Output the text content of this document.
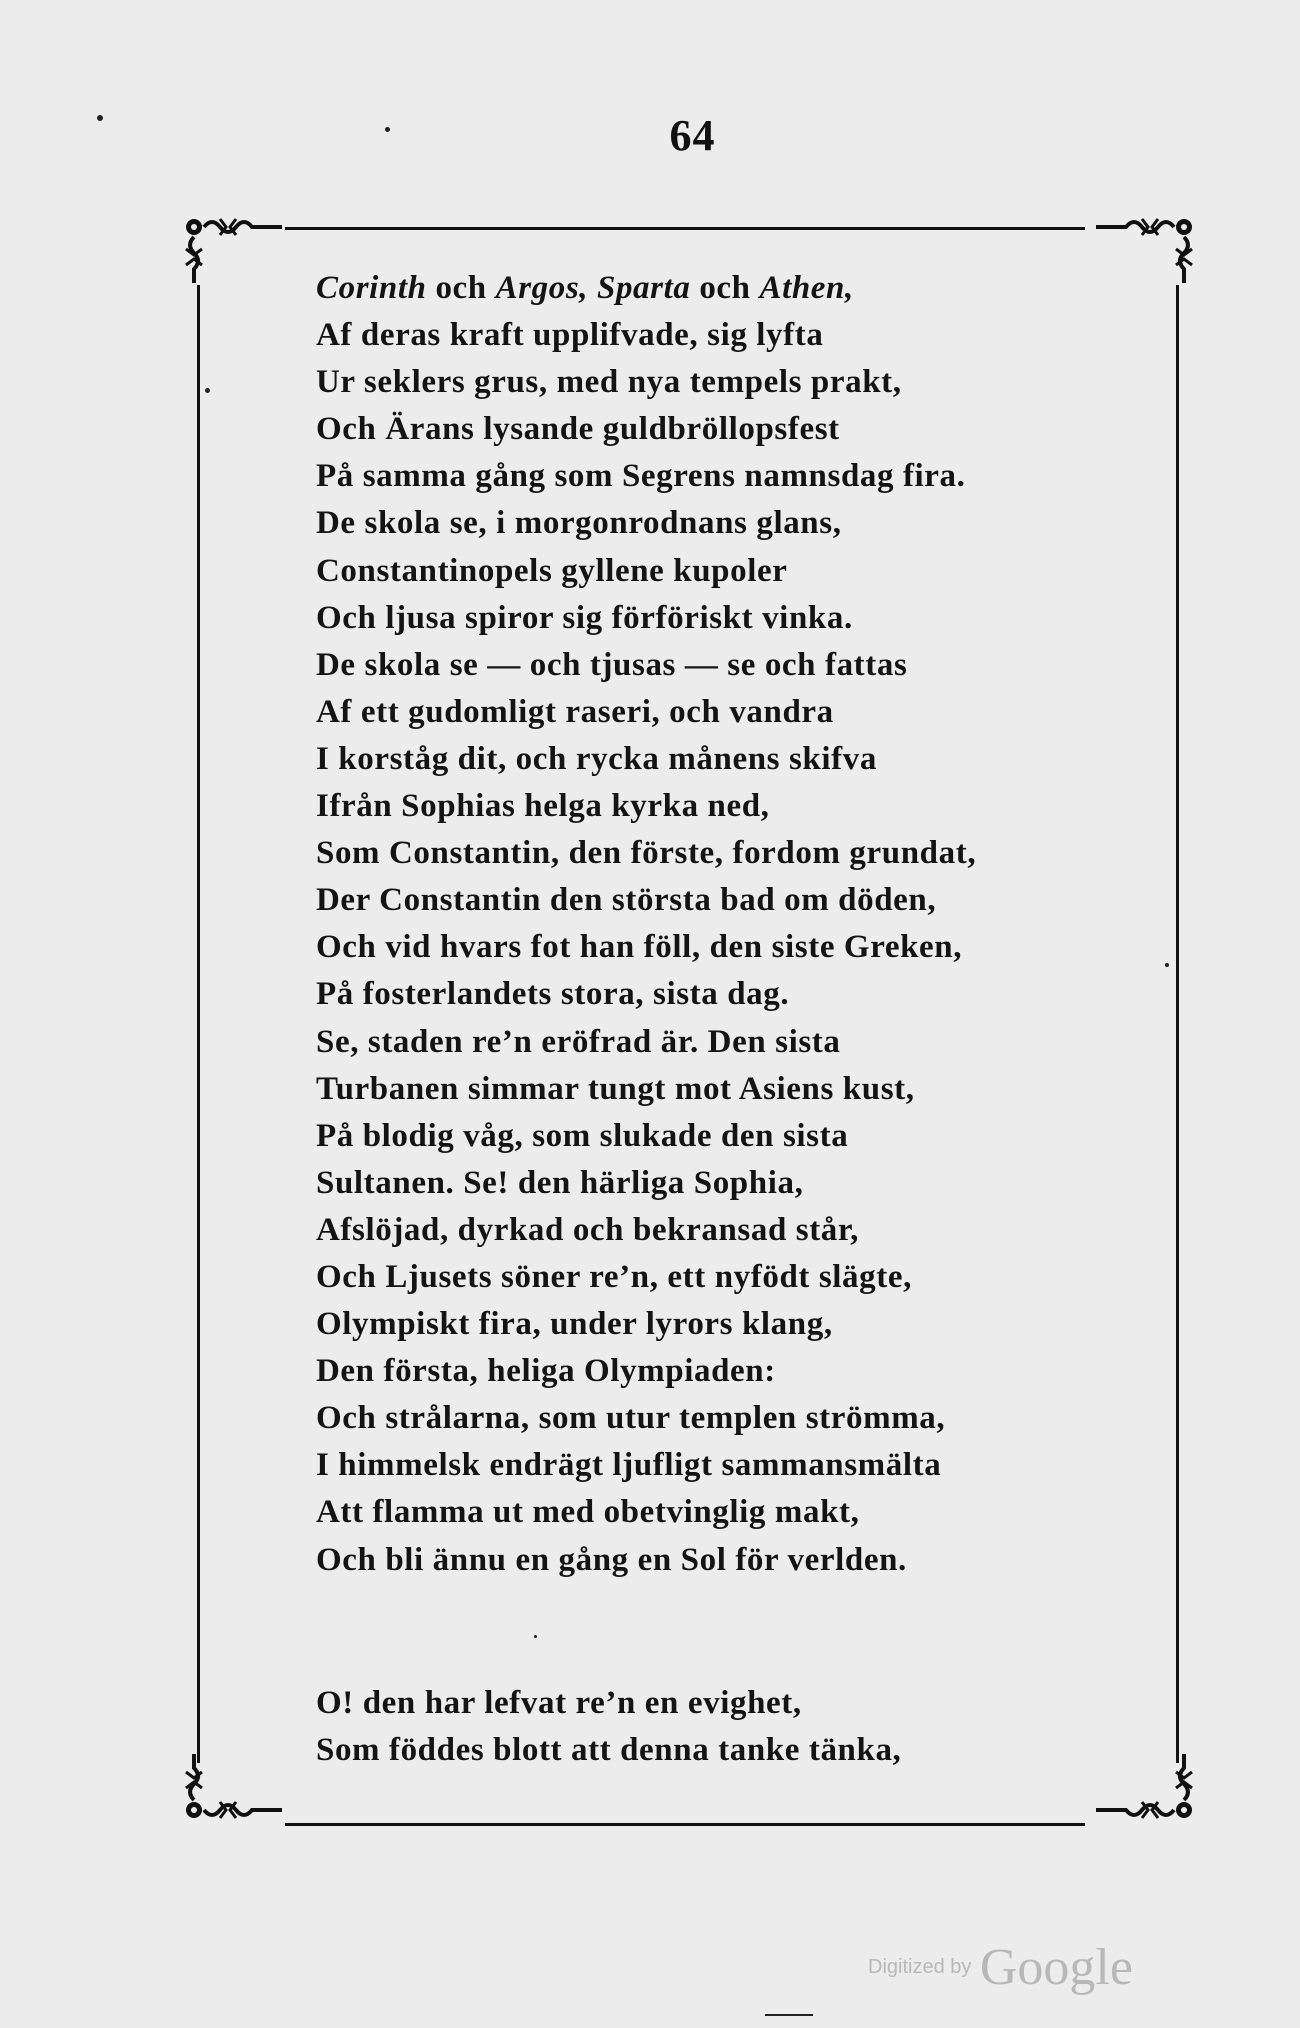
64
Corinth och Argos, Sparta och Athen,
Af deras kraft upplifvade, sig lyfta
Ur seklers grus, med nya tempels prakt,
Och Ärans lysande guldbröllopsfest
På samma gång som Segrens namnsdag fira.
De skola se, i morgonrodnans glans,
Constantinopels gyllene kupoler
Och ljusa spiror sig förföriskt vinka.
De skola se — och tjusas — se och fattas
Af ett gudomligt raseri, och vandra
I korståg dit, och rycka månens skifva
Ifrån Sophias helga kyrka ned,
Som Constantin, den förste, fordom grundat,
Der Constantin den största bad om döden,
Och vid hvars fot han föll, den siste Greken,
På fosterlandets stora, sista dag.
Se, staden re’n eröfrad är. Den sista
Turbanen simmar tungt mot Asiens kust,
På blodig våg, som slukade den sista
Sultanen. Se! den härliga Sophia,
Afslöjad, dyrkad och bekransad står,
Och Ljusets söner re’n, ett nyfödt slägte,
Olympiskt fira, under lyrors klang,
Den första, heliga Olympiaden:
Och strålarna, som utur templen strömma,
I himmelsk endrägt ljufligt sammansmälta
Att flamma ut med obetvinglig makt,
Och bli ännu en gång en Sol för verlden.
O! den har lefvat re’n en evighet,
Som föddes blott att denna tanke tänka,
Digitized by Google
